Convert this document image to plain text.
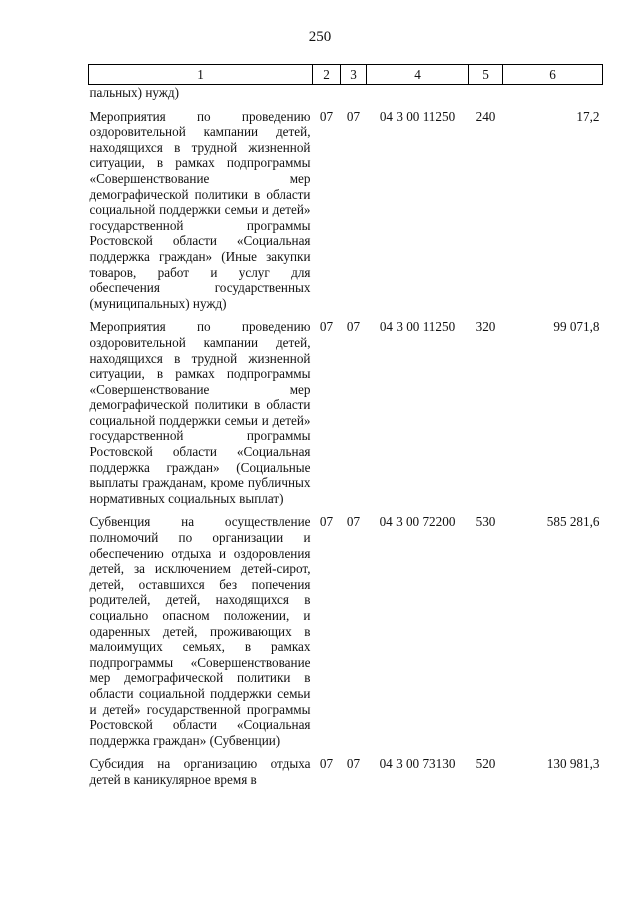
250
1	2	3	4	5	6
пальных) нужд)					
Мероприятия по проведению оздоровительной кампании детей, находящихся в трудной жизненной ситуации, в рамках подпрограммы «Совершенствование мер демографической политики в области социальной поддержки семьи и детей» государственной программы Ростовской области «Социальная поддержка граждан» (Иные закупки товаров, работ и услуг для обеспечения государственных (муниципальных) нужд)	07	07	04 3 00 11250	240	17,2
Мероприятия по проведению оздоровительной кампании детей, находящихся в трудной жизненной ситуации, в рамках подпрограммы «Совершенствование мер демографической политики в области социальной поддержки семьи и детей» государственной программы Ростовской области «Социальная поддержка граждан» (Социальные выплаты гражданам, кроме публичных нормативных социальных выплат)	07	07	04 3 00 11250	320	99 071,8
Субвенция на осуществление полномочий по организации и обеспечению отдыха и оздоровления детей, за исключением детей-сирот, детей, оставшихся без попечения родителей, детей, находящихся в социально опасном положении, и одаренных детей, проживающих в малоимущих семьях, в рамках подпрограммы «Совершенствование мер демографической политики в области социальной поддержки семьи и детей» государственной программы Ростовской области «Социальная поддержка граждан» (Субвенции)	07	07	04 3 00 72200	530	585 281,6
Субсидия на организацию отдыха детей в каникулярное время в	07	07	04 3 00 73130	520	130 981,3
